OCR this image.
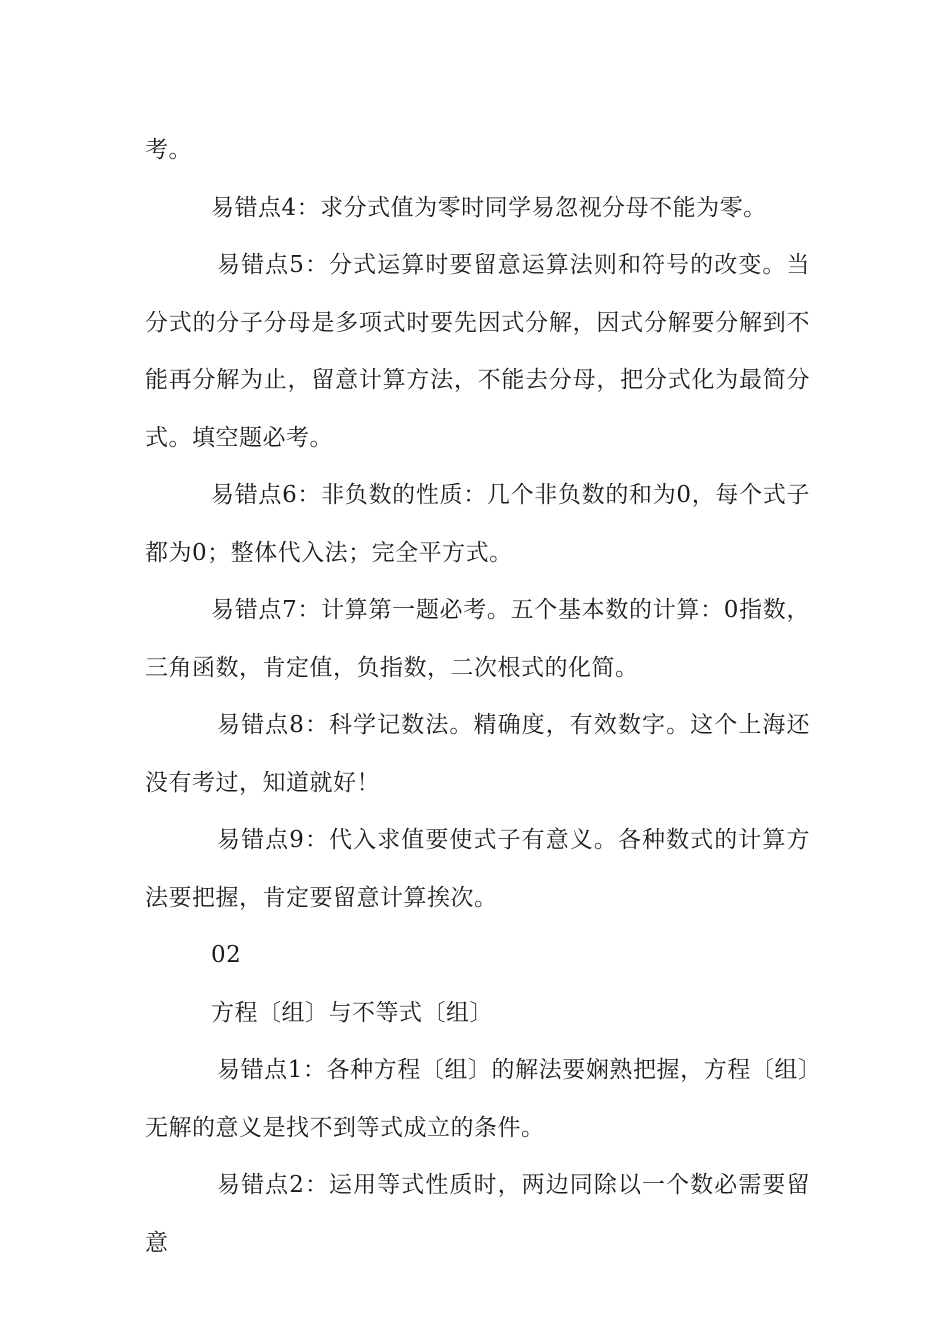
考。

易错点4：求分式值为零时同学易忽视分母不能为零。

易错点5：分式运算时要留意运算法则和符号的改变。当分式的分子分母是多项式时要先因式分解，因式分解要分解到不能再分解为止，留意计算方法，不能去分母，把分式化为最简分式。填空题必考。

易错点6：非负数的性质：几个非负数的和为0，每个式子都为0；整体代入法；完全平方式。

易错点7：计算第一题必考。五个基本数的计算：0指数，三角函数，肯定值，负指数，二次根式的化简。

易错点8：科学记数法。精确度，有效数字。这个上海还没有考过，知道就好！

易错点9：代入求值要使式子有意义。各种数式的计算方法要把握，肯定要留意计算挨次。

02

方程〔组〕与不等式〔组〕

易错点1：各种方程〔组〕的解法要娴熟把握，方程〔组〕无解的意义是找不到等式成立的条件。

易错点2：运用等式性质时，两边同除以一个数必需要留意
